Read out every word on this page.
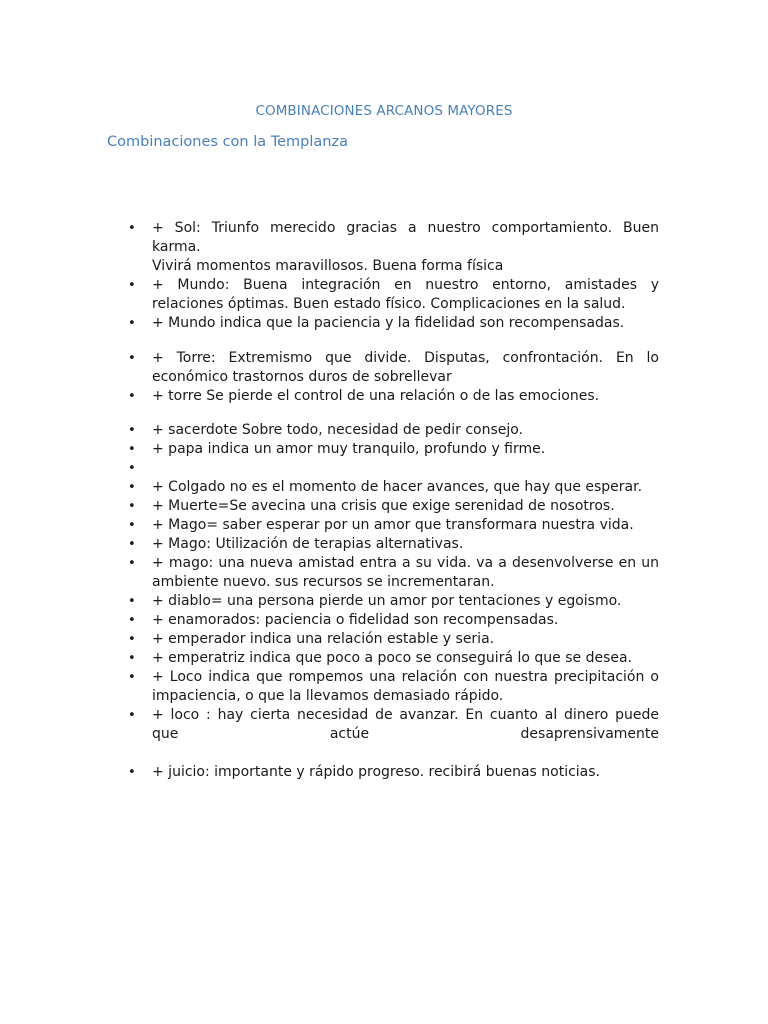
COMBINACIONES ARCANOS MAYORES
Combinaciones con la Templanza
• + Sol: Triunfo merecido gracias a nuestro comportamiento. Buen karma.
Vivirá momentos maravillosos. Buena forma física
• + Mundo: Buena integración en nuestro entorno, amistades y relaciones óptimas. Buen estado físico. Complicaciones en la salud.
• + Mundo indica que la paciencia y la fidelidad son recompensadas.
• + Torre: Extremismo que divide. Disputas, confrontación. En lo económico trastornos duros de sobrellevar
• + torre Se pierde el control de una relación o de las emociones.
• + sacerdote Sobre todo, necesidad de pedir consejo.
• + papa indica un amor muy tranquilo, profundo y firme.
•
• + Colgado no es el momento de hacer avances, que hay que esperar.
• + Muerte=Se avecina una crisis que exige serenidad de nosotros.
• + Mago= saber esperar por un amor que transformara nuestra vida.
• + Mago: Utilización de terapias alternativas.
• + mago: una nueva amistad entra a su vida. va a desenvolverse en un ambiente nuevo. sus recursos se incrementaran.
• + diablo= una persona pierde un amor por tentaciones y egoismo.
• + enamorados: paciencia o fidelidad son recompensadas.
• + emperador indica una relación estable y seria.
• + emperatriz indica que poco a poco se conseguirá lo que se desea.
• + Loco indica que rompemos una relación con nuestra precipitación o impaciencia, o que la llevamos demasiado rápido.
• + loco : hay cierta necesidad de avanzar. En cuanto al dinero puede que actúe desaprensivamente
• + juicio: importante y rápido progreso. recibirá buenas noticias.
